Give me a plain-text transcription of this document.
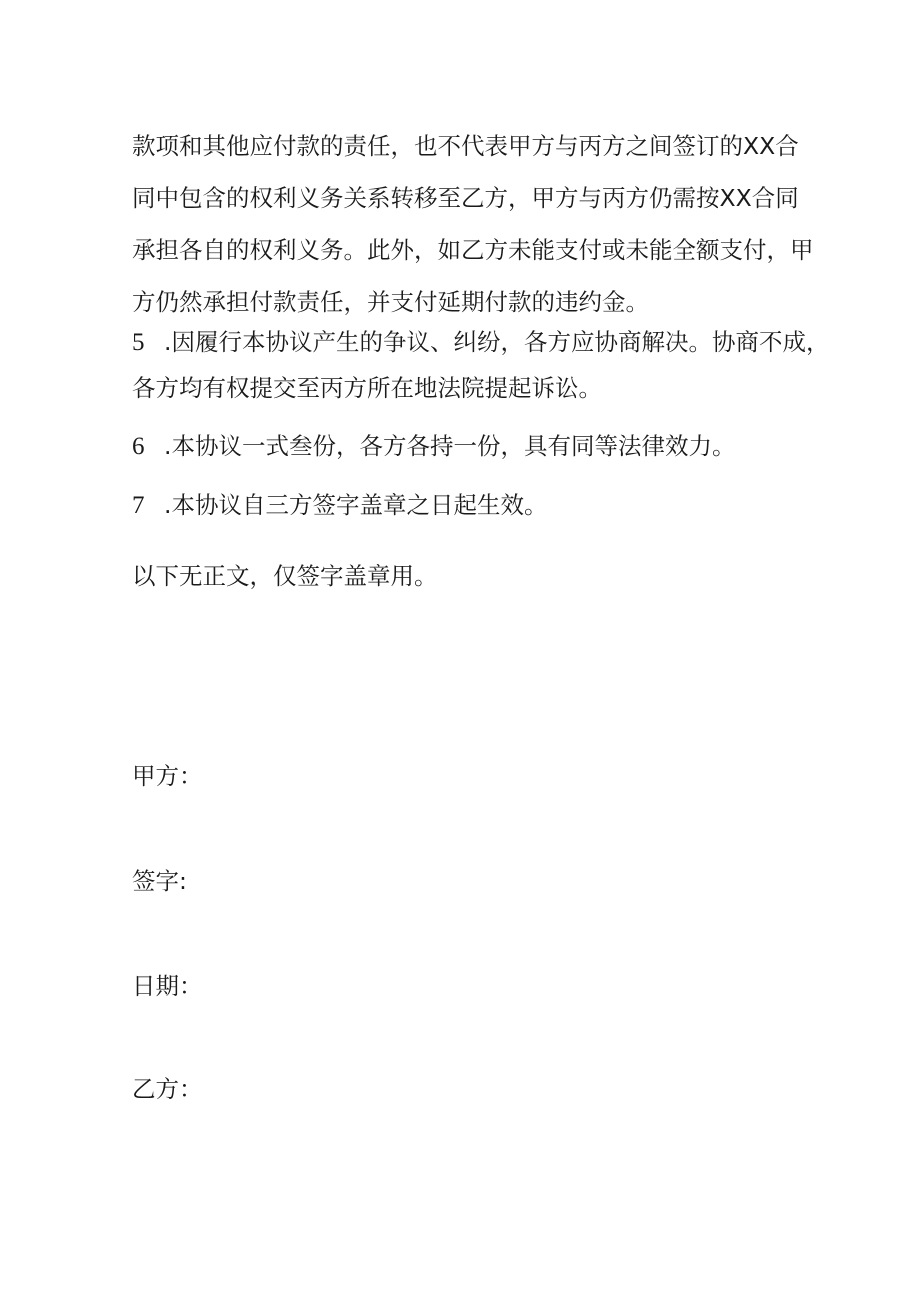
款项和其他应付款的责任，也不代表甲方与丙方之间签订的XX合
同中包含的权利义务关系转移至乙方，甲方与丙方仍需按XX合同
承担各自的权利义务。此外，如乙方未能支付或未能全额支付，甲
方仍然承担付款责任，并支付延期付款的违约金。
5 .因履行本协议产生的争议、纠纷，各方应协商解决。协商不成，
各方均有权提交至丙方所在地法院提起诉讼。
6 .本协议一式叁份，各方各持一份，具有同等法律效力。
7 .本协议自三方签字盖章之日起生效。
以下无正文，仅签字盖章用。
甲方：
签字:
日期：
乙方：
